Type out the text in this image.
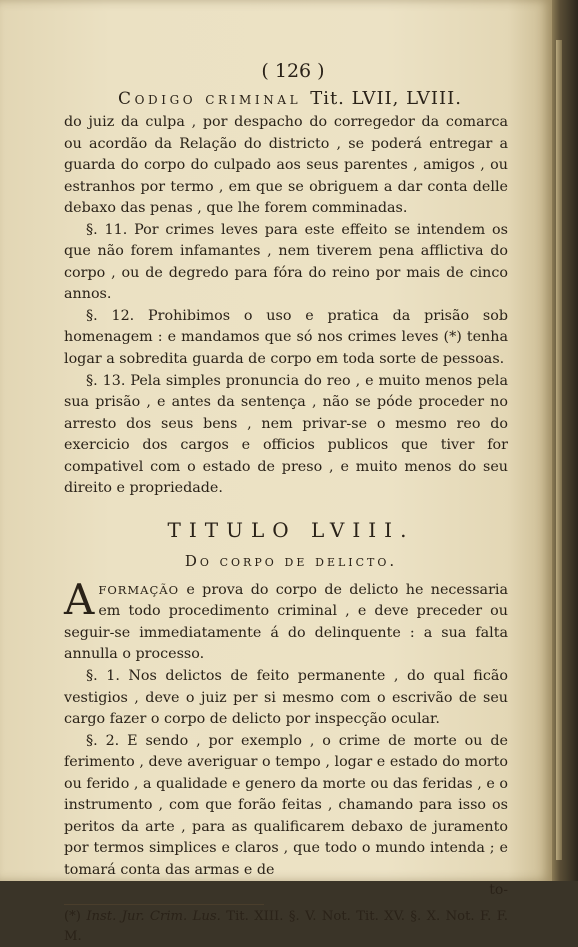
( 126 )
Codigo criminal Tit. LVII, LVIII.

do juiz da culpa , por despacho do corregedor da comarca ou acordão da Relação do districto , se poderá entregar a guarda do corpo do culpado aos seus parentes , amigos , ou estranhos por termo , em que se obriguem a dar conta delle debaxo das penas , que lhe forem comminadas.

§. 11. Por crimes leves para este effeito se intendem os que não forem infamantes , nem tiverem pena afflictiva do corpo , ou de degredo para fóra do reino por mais de cinco annos.

§. 12. Prohibimos o uso e pratica da prisão sob homenagem : e mandamos que só nos crimes leves (*) tenha logar a sobredita guarda de corpo em toda sorte de pessoas.

§. 13. Pela simples pronuncia do reo , e muito menos pela sua prisão , e antes da sentença , não se póde proceder no arresto dos seus bens , nem privar-se o mesmo reo do exercicio dos cargos e officios publicos que tiver for compativel com o estado de preso , e muito menos do seu direito e propriedade.

TITULO LVIII.
Do corpo de delicto.

AFORMAÇÃO e prova do corpo de delicto he necessaria em todo procedimento criminal , e deve preceder ou seguir-se immediatamente á do delinquente : a sua falta annulla o processo.

§. 1. Nos delictos de feito permanente , do qual ficão vestigios , deve o juiz per si mesmo com o escrivão de seu cargo fazer o corpo de delicto por inspecção ocular.

§. 2. E sendo , por exemplo , o crime de morte ou de ferimento , deve averiguar o tempo , logar e estado do morto ou ferido , a qualidade e genero da morte ou das feridas , e o instrumento , com que forão feitas , chamando para isso os peritos da arte , para as qualificarem debaxo de juramento por termos simplices e claros , que todo o mundo intenda ; e tomará conta das armas e de

to-

(*) Inst. Jur. Crim. Lus. Tit. XIII. §. V. Not. Tit. XV. §. X. Not. F. F. M.
